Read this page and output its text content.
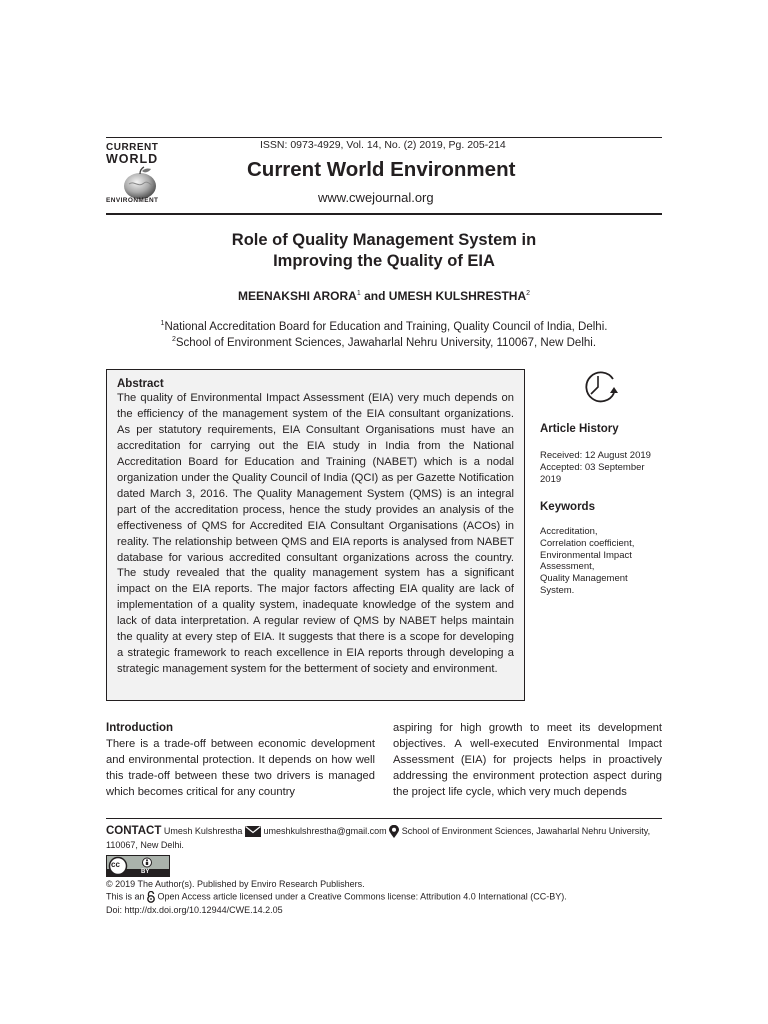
CURRENT
WORLD
ENVIRONMENT
ISSN: 0973-4929, Vol. 14, No. (2) 2019, Pg. 205-214
Current World Environment
www.cwejournal.org
Role of Quality Management System in
Improving the Quality of EIA
MEENAKSHI ARORA$^1$ and UMESH KULSHRESTHA$^2$
$^1$National Accreditation Board for Education and Training, Quality Council of India, Delhi.
$^2$School of Environment Sciences, Jawaharlal Nehru University, 110067, New Delhi.
Abstract
The quality of Environmental Impact Assessment (EIA) very much depends on the efficiency of the management system of the EIA consultant organizations. As per statutory requirements, EIA Consultant Organisations must have an accreditation for carrying out the EIA study in India from the National Accreditation Board for Education and Training (NABET) which is a nodal organization under the Quality Council of India (QCI) as per Gazette Notification dated March 3, 2016. The Quality Management System (QMS) is an integral part of the accreditation process, hence the study provides an analysis of the effectiveness of QMS for Accredited EIA Consultant Organisations (ACOs) in reality. The relationship between QMS and EIA reports is analysed from NABET database for various accredited consultant organizations across the country. The study revealed that the quality management system has a significant impact on the EIA reports. The major factors affecting EIA quality are lack of implementation of a quality system, inadequate knowledge of the system and lack of data interpretation. A regular review of QMS by NABET helps maintain the quality at every step of EIA. It suggests that there is a scope for developing a strategic framework to reach excellence in EIA reports through developing a strategic management system for the betterment of society and environment.
Article History
Received: 12 August 2019
Accepted: 03 September 2019
Keywords
Accreditation,
Correlation coefficient,
Environmental Impact Assessment,
Quality Management System.
Introduction
There is a trade-off between economic development and environmental protection. It depends on how well this trade-off between these two drivers is managed which becomes critical for any country
aspiring for high growth to meet its development objectives. A well-executed Environmental Impact Assessment (EIA) for projects helps in proactively addressing the environment protection aspect during the project life cycle, which very much depends
CONTACT Umesh Kulshrestha umeshkulshrestha@gmail.com School of Environment Sciences, Jawaharlal Nehru University, 110067, New Delhi.
cc
BY
© 2019 The Author(s). Published by Enviro Research Publishers.
This is an Open Access article licensed under a Creative Commons license: Attribution 4.0 International (CC-BY).
Doi: http://dx.doi.org/10.12944/CWE.14.2.05
